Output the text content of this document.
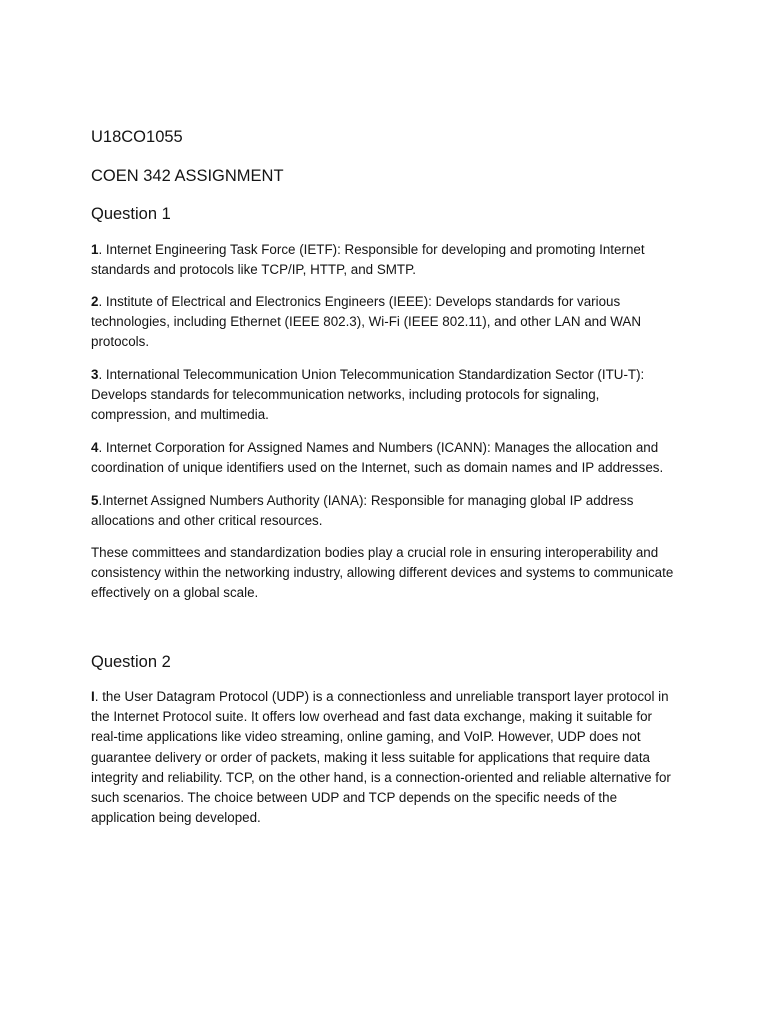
U18CO1055
COEN 342 ASSIGNMENT
Question 1

1. Internet Engineering Task Force (IETF): Responsible for developing and promoting Internet standards and protocols like TCP/IP, HTTP, and SMTP.

2. Institute of Electrical and Electronics Engineers (IEEE): Develops standards for various technologies, including Ethernet (IEEE 802.3), Wi-Fi (IEEE 802.11), and other LAN and WAN protocols.

3. International Telecommunication Union Telecommunication Standardization Sector (ITU-T): Develops standards for telecommunication networks, including protocols for signaling, compression, and multimedia.

4. Internet Corporation for Assigned Names and Numbers (ICANN): Manages the allocation and coordination of unique identifiers used on the Internet, such as domain names and IP addresses.

5.Internet Assigned Numbers Authority (IANA): Responsible for managing global IP address allocations and other critical resources.

These committees and standardization bodies play a crucial role in ensuring interoperability and consistency within the networking industry, allowing different devices and systems to communicate effectively on a global scale.

Question 2

I. the User Datagram Protocol (UDP) is a connectionless and unreliable transport layer protocol in the Internet Protocol suite. It offers low overhead and fast data exchange, making it suitable for real-time applications like video streaming, online gaming, and VoIP. However, UDP does not guarantee delivery or order of packets, making it less suitable for applications that require data integrity and reliability. TCP, on the other hand, is a connection-oriented and reliable alternative for such scenarios. The choice between UDP and TCP depends on the specific needs of the application being developed.
